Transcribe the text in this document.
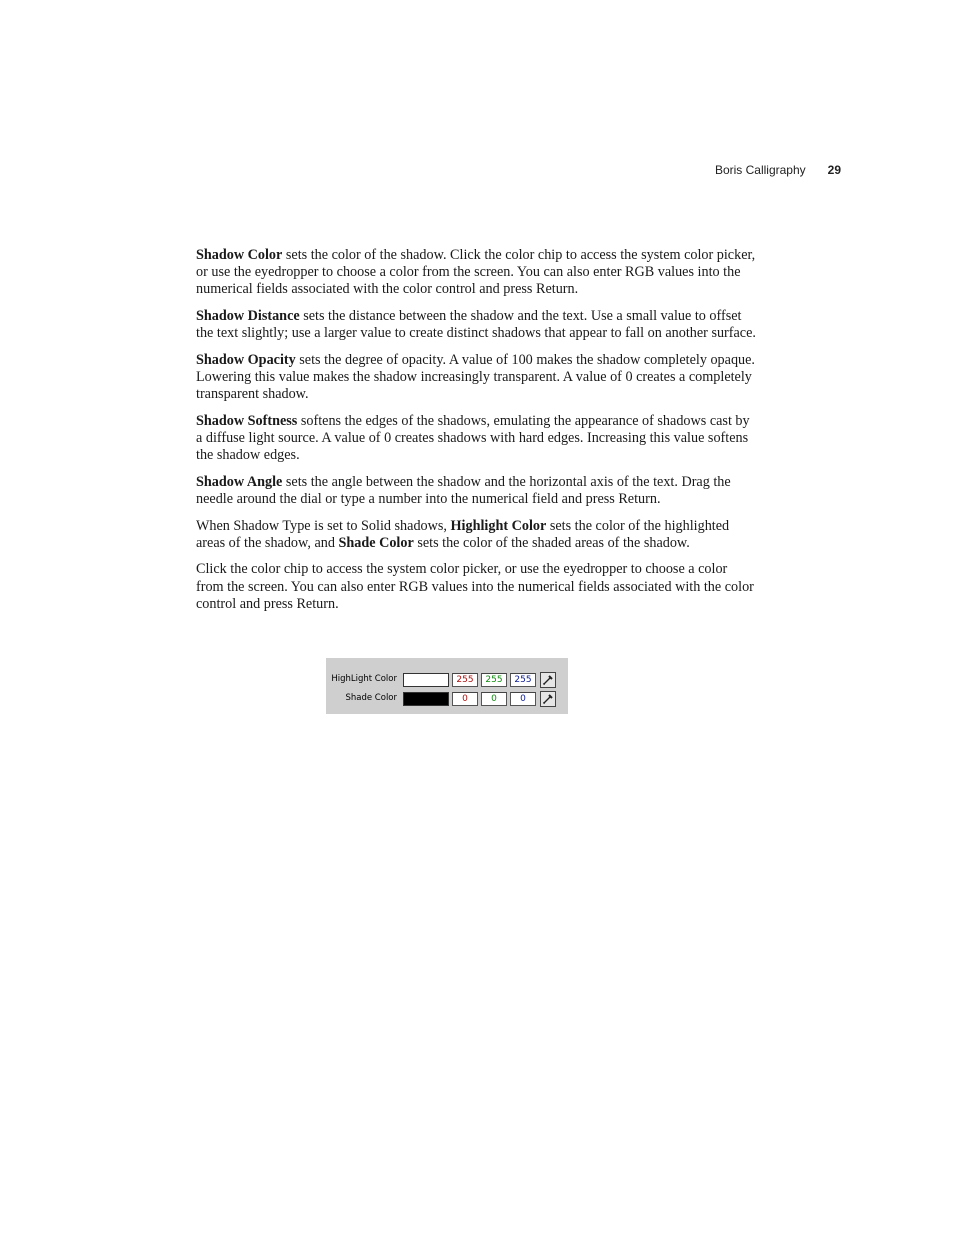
Boris Calligraphy 29

Shadow Color sets the color of the shadow. Click the color chip to access the system color picker, or use the eyedropper to choose a color from the screen. You can also enter RGB values into the numerical fields associated with the color control and press Return.

Shadow Distance sets the distance between the shadow and the text. Use a small value to offset the text slightly; use a larger value to create distinct shadows that appear to fall on another surface.

Shadow Opacity sets the degree of opacity. A value of 100 makes the shadow completely opaque. Lowering this value makes the shadow increasingly transparent. A value of 0 creates a completely transparent shadow.

Shadow Softness softens the edges of the shadows, emulating the appearance of shadows cast by a diffuse light source. A value of 0 creates shadows with hard edges. Increasing this value softens the shadow edges.

Shadow Angle sets the angle between the shadow and the horizontal axis of the text. Drag the needle around the dial or type a number into the numerical field and press Return.

When Shadow Type is set to Solid shadows, Highlight Color sets the color of the highlighted areas of the shadow, and Shade Color sets the color of the shaded areas of the shadow.

Click the color chip to access the system color picker, or use the eyedropper to choose a color from the screen. You can also enter RGB values into the numerical fields associated with the color control and press Return.

HighLight Color	255	255	255
Shade Color	0	0	0
